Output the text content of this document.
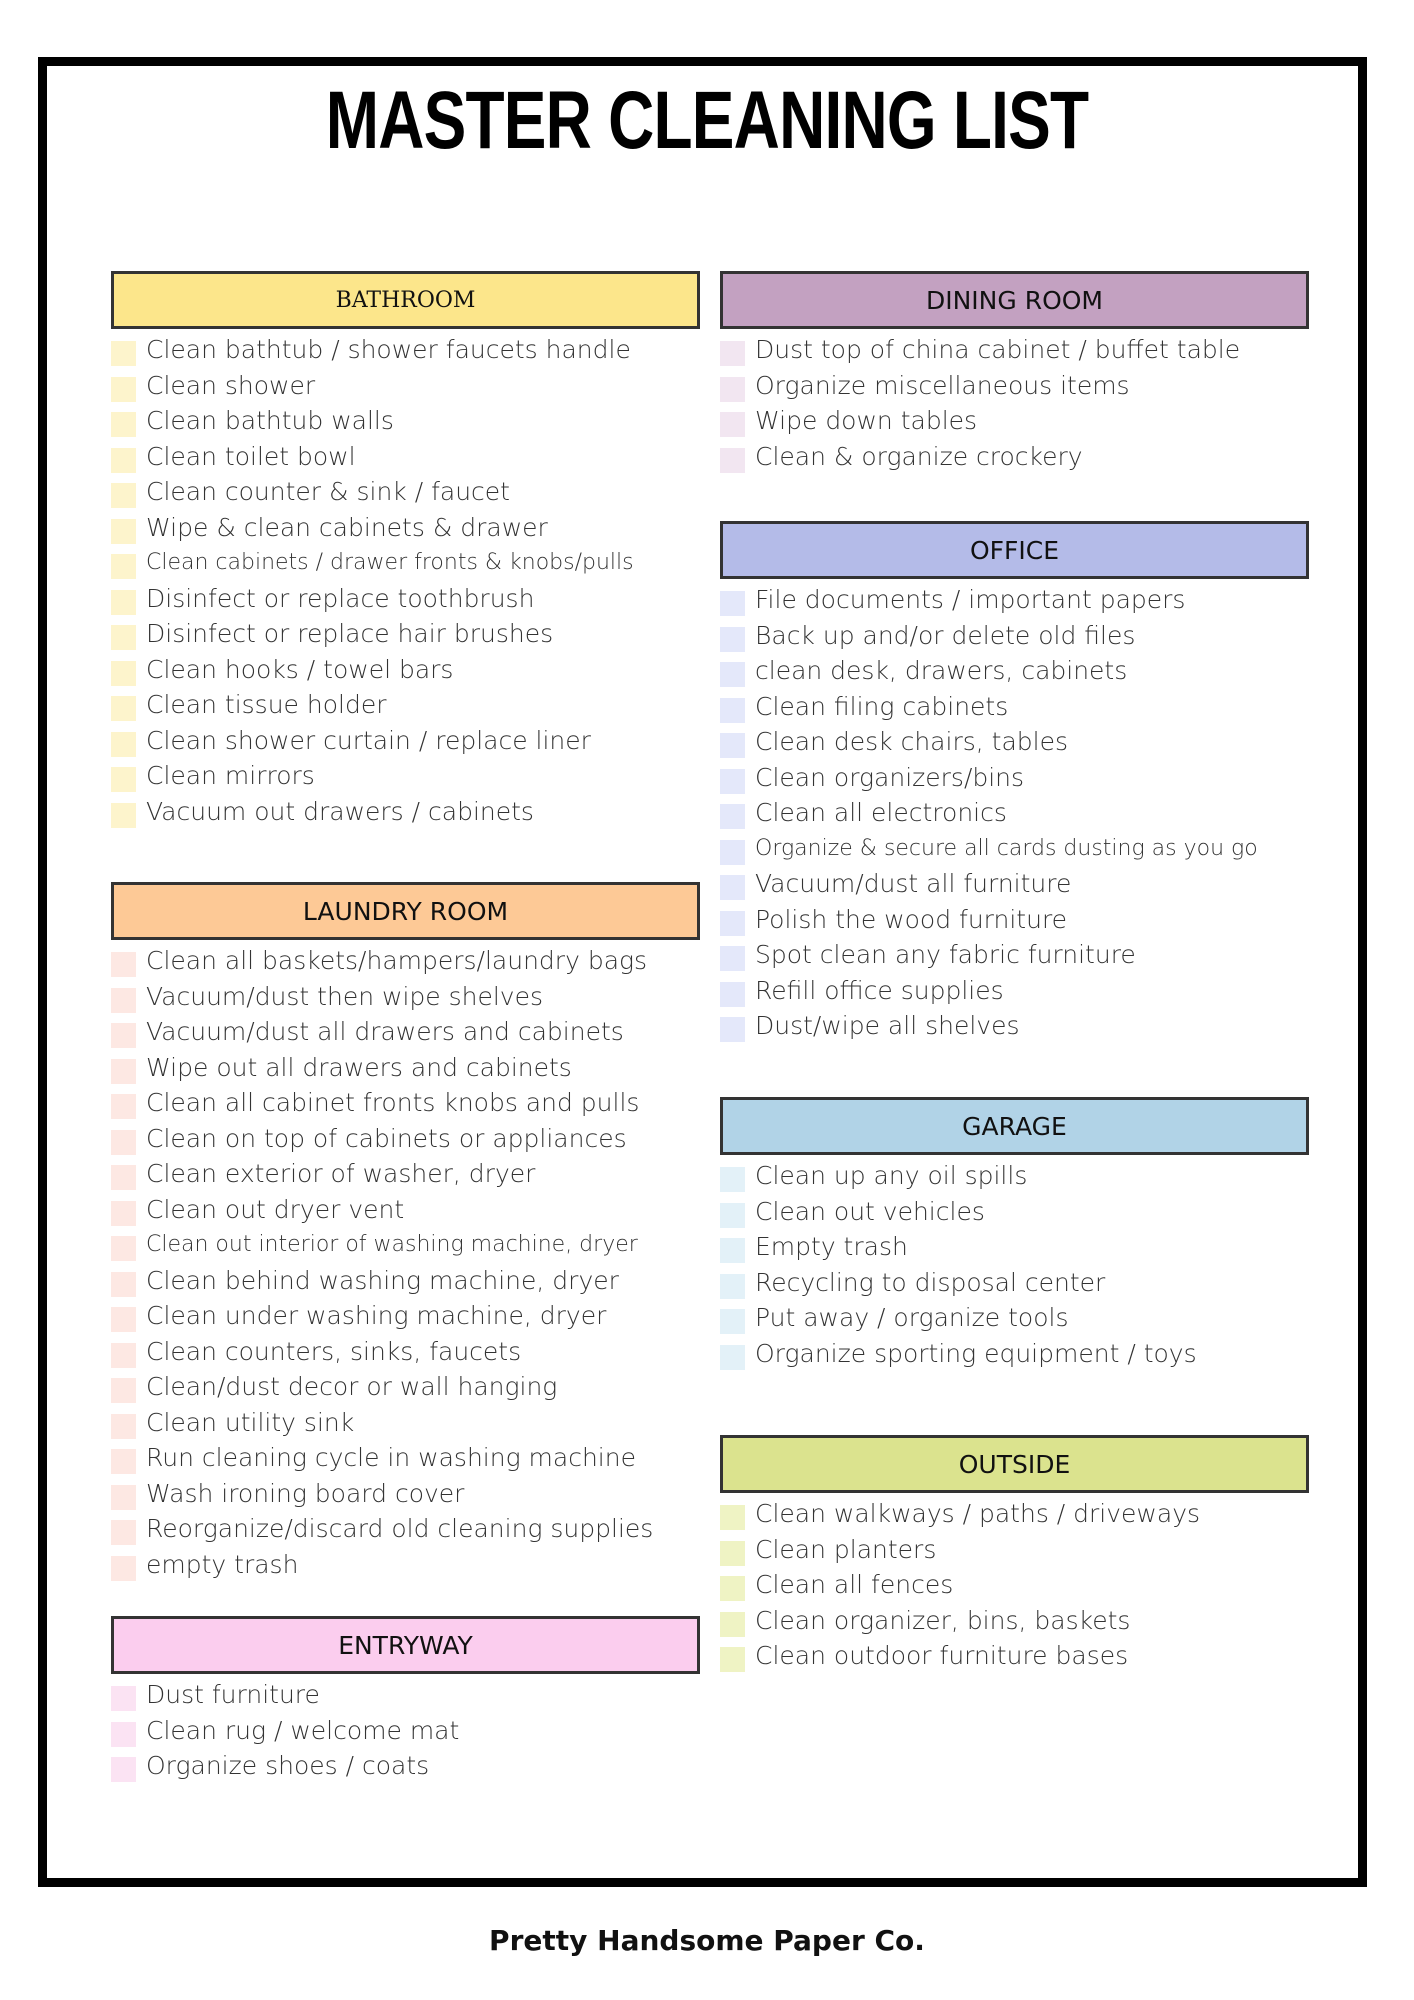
MASTER CLEANING LIST
BATHROOM
Clean bathtub / shower faucets handle
Clean shower
Clean bathtub walls
Clean toilet bowl
Clean counter & sink / faucet
Wipe & clean cabinets & drawer
Clean cabinets / drawer fronts & knobs/pulls
Disinfect or replace toothbrush
Disinfect or replace hair brushes
Clean hooks / towel bars
Clean tissue holder
Clean shower curtain / replace liner
Clean mirrors
Vacuum out drawers / cabinets
LAUNDRY ROOM
Clean all baskets/hampers/laundry bags
Vacuum/dust then wipe shelves
Vacuum/dust all drawers and cabinets
Wipe out all drawers and cabinets
Clean all cabinet fronts knobs and pulls
Clean on top of cabinets or appliances
Clean exterior of washer, dryer
Clean out dryer vent
Clean out interior of washing machine, dryer
Clean behind washing machine, dryer
Clean under washing machine, dryer
Clean counters, sinks, faucets
Clean/dust decor or wall hanging
Clean utility sink
Run cleaning cycle in washing machine
Wash ironing board cover
Reorganize/discard old cleaning supplies
empty trash
ENTRYWAY
Dust furniture
Clean rug / welcome mat
Organize shoes / coats
DINING ROOM
Dust top of china cabinet / buffet table
Organize miscellaneous items
Wipe down tables
Clean & organize crockery
OFFICE
File documents / important papers
Back up and/or delete old files
clean desk, drawers, cabinets
Clean filing cabinets
Clean desk chairs, tables
Clean organizers/bins
Clean all electronics
Organize & secure all cards dusting as you go
Vacuum/dust all furniture
Polish the wood furniture
Spot clean any fabric furniture
Refill office supplies
Dust/wipe all shelves
GARAGE
Clean up any oil spills
Clean out vehicles
Empty trash
Recycling to disposal center
Put away / organize tools
Organize sporting equipment / toys
OUTSIDE
Clean walkways / paths / driveways
Clean planters
Clean all fences
Clean organizer, bins, baskets
Clean outdoor furniture bases
Pretty Handsome Paper Co.
